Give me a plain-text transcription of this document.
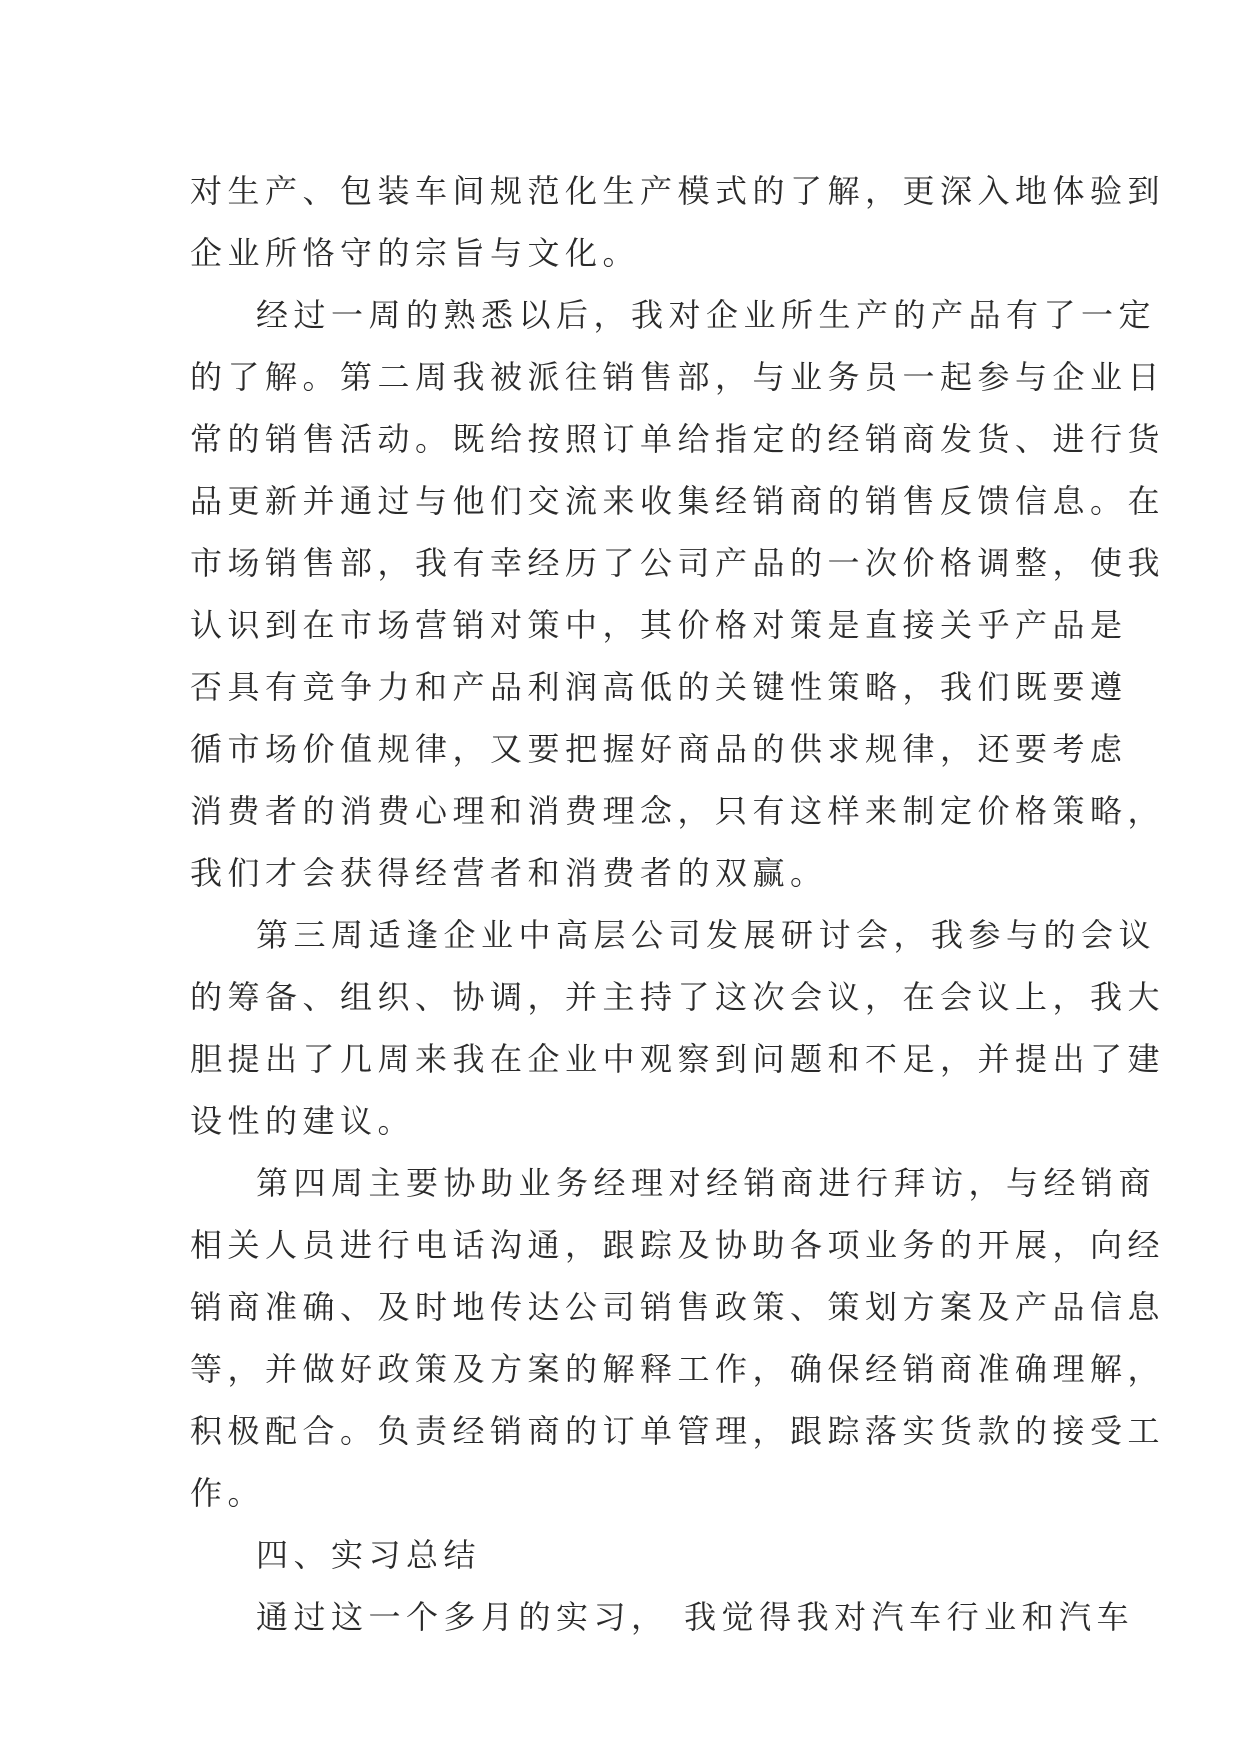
对生产、包装车间规范化生产模式的了解，更深入地体验到
企业所恪守的宗旨与文化。
经过一周的熟悉以后，我对企业所生产的产品有了一定
的了解。第二周我被派往销售部，与业务员一起参与企业日
常的销售活动。既给按照订单给指定的经销商发货、进行货
品更新并通过与他们交流来收集经销商的销售反馈信息。在
市场销售部，我有幸经历了公司产品的一次价格调整，使我
认识到在市场营销对策中，其价格对策是直接关乎产品是
否具有竞争力和产品利润高低的关键性策略，我们既要遵
循市场价值规律，又要把握好商品的供求规律，还要考虑
消费者的消费心理和消费理念，只有这样来制定价格策略，
我们才会获得经营者和消费者的双赢。
第三周适逢企业中高层公司发展研讨会，我参与的会议
的筹备、组织、协调，并主持了这次会议，在会议上，我大
胆提出了几周来我在企业中观察到问题和不足，并提出了建
设性的建议。
第四周主要协助业务经理对经销商进行拜访，与经销商
相关人员进行电话沟通，跟踪及协助各项业务的开展，向经
销商准确、及时地传达公司销售政策、策划方案及产品信息
等，并做好政策及方案的解释工作，确保经销商准确理解，
积极配合。负责经销商的订单管理，跟踪落实货款的接受工
作。
四、实习总结
通过这一个多月的实习， 我觉得我对汽车行业和汽车
